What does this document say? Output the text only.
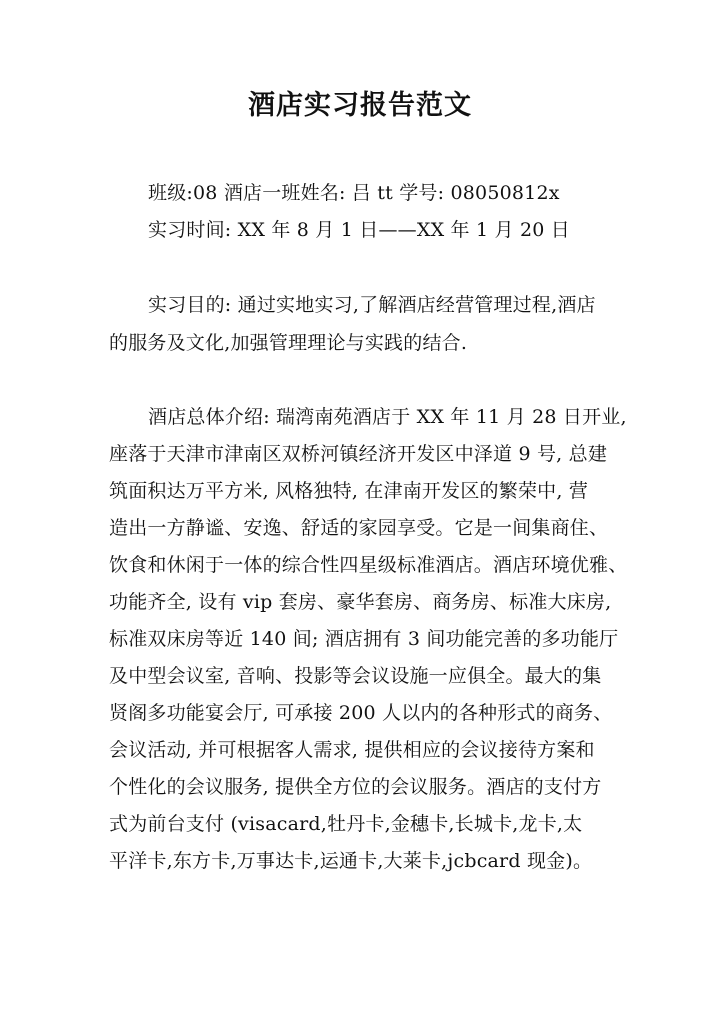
酒店实习报告范文
班级:08 酒店一班姓名: 吕 tt 学号: 08050812x
实习时间: XX 年 8 月 1 日——XX 年 1 月 20 日
实习目的: 通过实地实习,了解酒店经营管理过程,酒店
的服务及文化,加强管理理论与实践的结合.
酒店总体介绍: 瑞湾南苑酒店于 XX 年 11 月 28 日开业,
座落于天津市津南区双桥河镇经济开发区中泽道 9 号, 总建
筑面积达万平方米, 风格独特, 在津南开发区的繁荣中, 营
造出一方静谧、安逸、舒适的家园享受。它是一间集商住、
饮食和休闲于一体的综合性四星级标准酒店。酒店环境优雅、
功能齐全, 设有 vip 套房、豪华套房、商务房、标准大床房,
标准双床房等近 140 间; 酒店拥有 3 间功能完善的多功能厅
及中型会议室, 音响、投影等会议设施一应俱全。最大的集
贤阁多功能宴会厅, 可承接 200 人以内的各种形式的商务、
会议活动, 并可根据客人需求, 提供相应的会议接待方案和
个性化的会议服务, 提供全方位的会议服务。酒店的支付方
式为前台支付 (visacard,牡丹卡,金穗卡,长城卡,龙卡,太
平洋卡,东方卡,万事达卡,运通卡,大莱卡,jcbcard 现金)。
